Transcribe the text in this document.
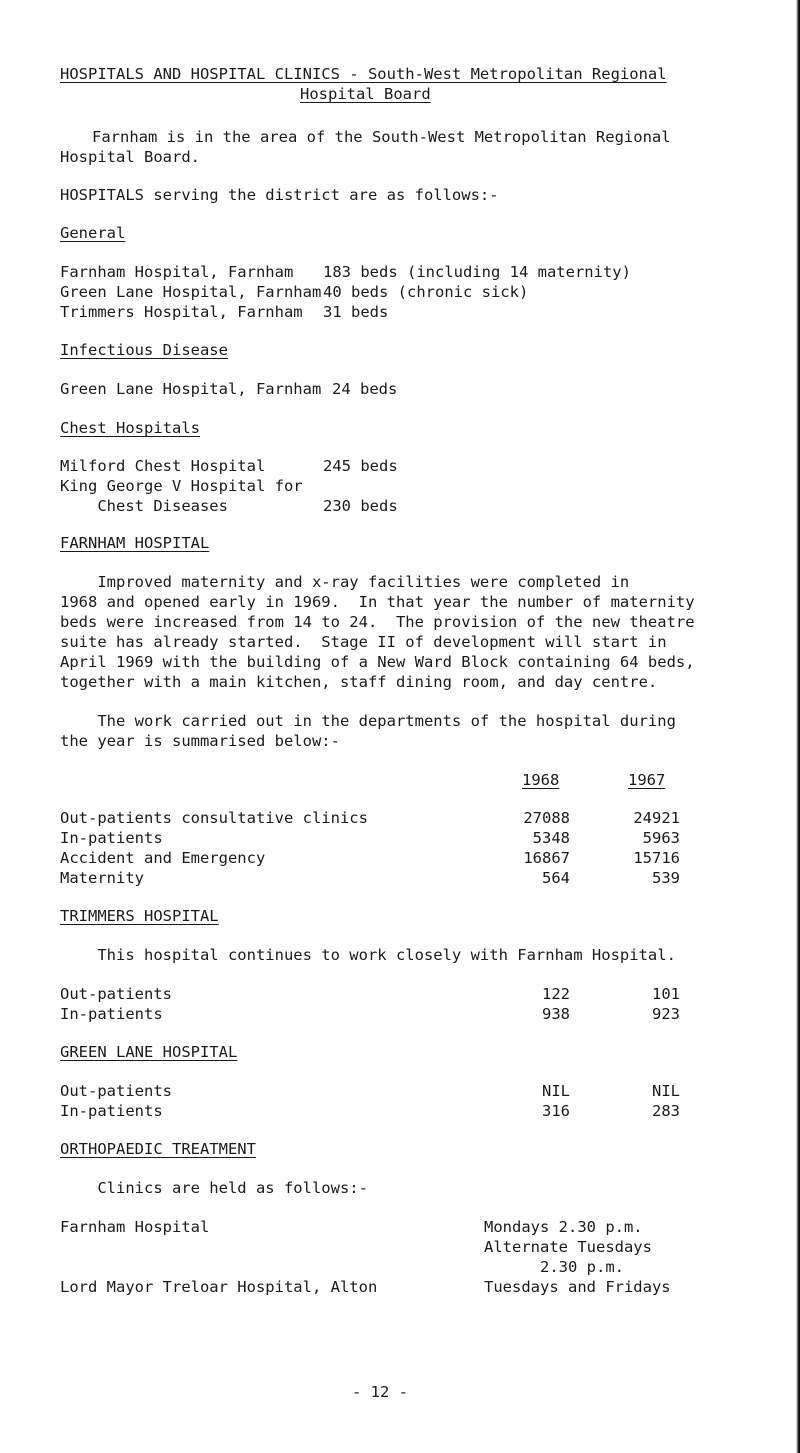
HOSPITALS AND HOSPITAL CLINICS - South-West Metropolitan Regional
Hospital Board
Farnham is in the area of the South-West Metropolitan Regional
Hospital Board.
HOSPITALS serving the district are as follows:-
General
Farnham Hospital, Farnham 183 beds (including 14 maternity)
Green Lane Hospital, Farnham 40 beds (chronic sick)
Trimmers Hospital, Farnham 31 beds
Infectious Disease
Green Lane Hospital, Farnham 24 beds
Chest Hospitals
Milford Chest Hospital	245 beds
King George V Hospital for
Chest Diseases	230 beds
FARNHAM HOSPITAL
Improved maternity and x-ray facilities were completed in
1968 and opened early in 1969.  In that year the number of maternity
beds were increased from 14 to 24.  The provision of the new theatre
suite has already started.  Stage II of development will start in
April 1969 with the building of a New Ward Block containing 64 beds,
together with a main kitchen, staff dining room, and day centre.
The work carried out in the departments of the hospital during
the year is summarised below:-
1968	1967
Out-patients consultative clinics	27088	24921
In-patients	5348	5963
Accident and Emergency	16867	15716
Maternity	564	539
TRIMMERS HOSPITAL
This hospital continues to work closely with Farnham Hospital.
Out-patients	122	101
In-patients	938	923
GREEN LANE HOSPITAL
Out-patients	NIL	NIL
In-patients	316	283
ORTHOPAEDIC TREATMENT
Clinics are held as follows:-
Farnham Hospital	Mondays 2.30 p.m.
Alternate Tuesdays
2.30 p.m.
Lord Mayor Treloar Hospital, Alton	Tuesdays and Fridays
- 12 -
